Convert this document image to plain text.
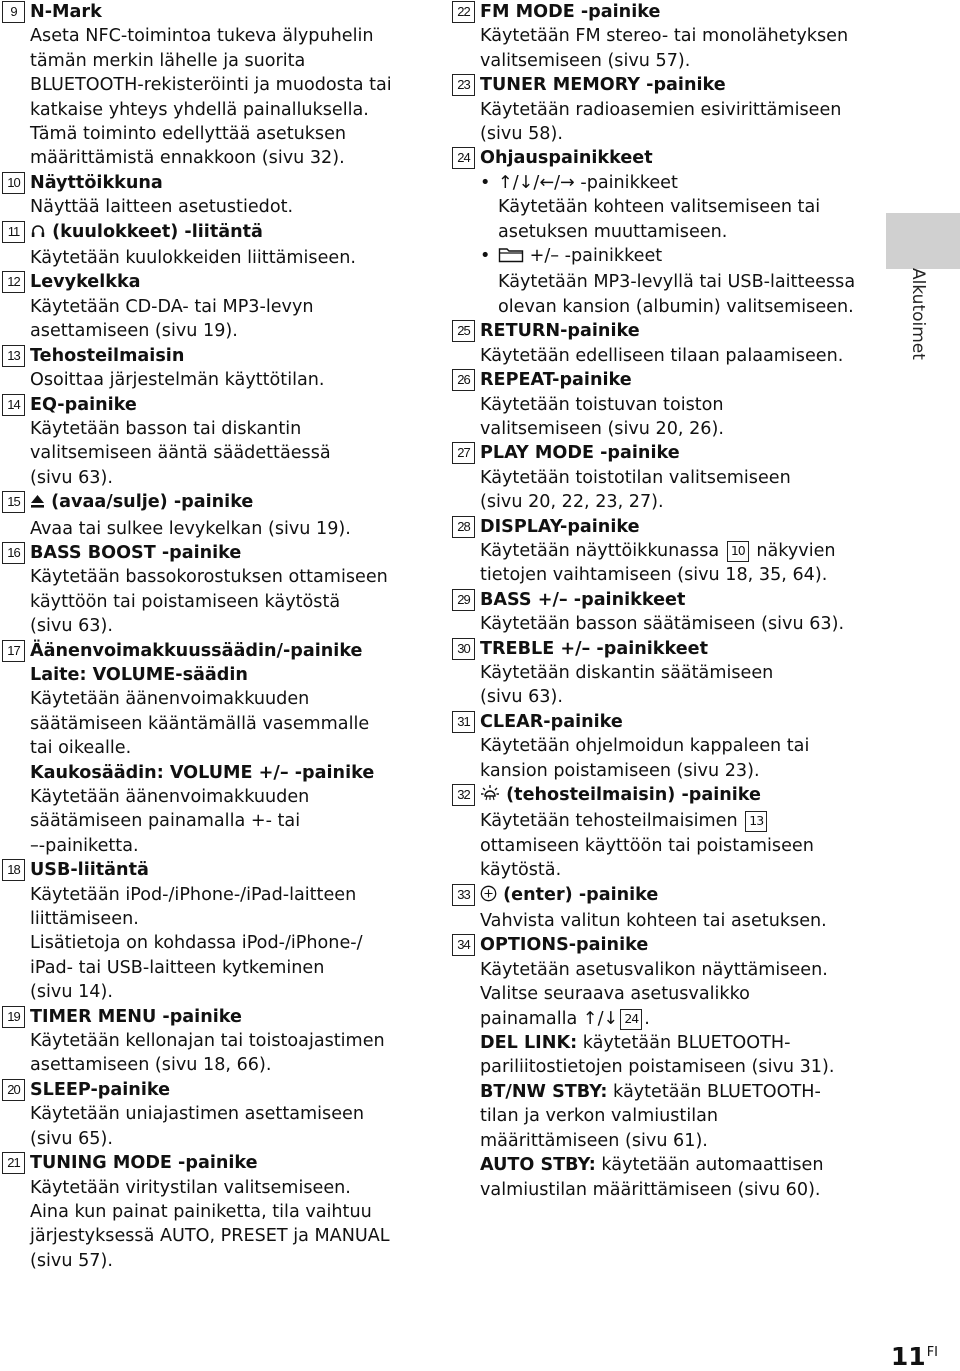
9 N-Mark
Aseta NFC-toimintoa tukeva älypuhelin
tämän merkin lähelle ja suorita
BLUETOOTH-rekisteröinti ja muodosta tai
katkaise yhteys yhdellä painalluksella.
Tämä toiminto edellyttää asetuksen
määrittämistä ennakkoon (sivu 32).
10 Näyttöikkuna
Näyttää laitteen asetustiedot.
11 (kuulokkeet) -liitäntä
Käytetään kuulokkeiden liittämiseen.
12 Levykelkka
Käytetään CD-DA- tai MP3-levyn
asettamiseen (sivu 19).
13 Tehosteilmaisin
Osoittaa järjestelmän käyttötilan.
14 EQ-painike
Käytetään basson tai diskantin
valitsemiseen ääntä säädettäessä
(sivu 63).
15 (avaa/sulje) -painike
Avaa tai sulkee levykelkan (sivu 19).
16 BASS BOOST -painike
Käytetään bassokorostuksen ottamiseen
käyttöön tai poistamiseen käytöstä
(sivu 63).
17 Äänenvoimakkuussäädin/-painike
Laite: VOLUME-säädin
Käytetään äänenvoimakkuuden
säätämiseen kääntämällä vasemmalle
tai oikealle.
Kaukosäädin: VOLUME +/– -painike
Käytetään äänenvoimakkuuden
säätämiseen painamalla +- tai
–-painiketta.
18 USB-liitäntä
Käytetään iPod-/iPhone-/iPad-laitteen
liittämiseen.
Lisätietoja on kohdassa iPod-/iPhone-/
iPad- tai USB-laitteen kytkeminen
(sivu 14).
19 TIMER MENU -painike
Käytetään kellonajan tai toistoajastimen
asettamiseen (sivu 18, 66).
20 SLEEP-painike
Käytetään uniajastimen asettamiseen
(sivu 65).
21 TUNING MODE -painike
Käytetään viritystilan valitsemiseen.
Aina kun painat painiketta, tila vaihtuu
järjestyksessä AUTO, PRESET ja MANUAL
(sivu 57).
22 FM MODE -painike
Käytetään FM stereo- tai monolähetyksen
valitsemiseen (sivu 57).
23 TUNER MEMORY -painike
Käytetään radioasemien esivirittämiseen
(sivu 58).
24 Ohjauspainikkeet
• ↑/↓/←/→ -painikkeet
Käytetään kohteen valitsemiseen tai
asetuksen muuttamiseen.
• +/– -painikkeet
Käytetään MP3-levyllä tai USB-laitteessa
olevan kansion (albumin) valitsemiseen.
25 RETURN-painike
Käytetään edelliseen tilaan palaamiseen.
26 REPEAT-painike
Käytetään toistuvan toiston
valitsemiseen (sivu 20, 26).
27 PLAY MODE -painike
Käytetään toistotilan valitsemiseen
(sivu 20, 22, 23, 27).
28 DISPLAY-painike
Käytetään näyttöikkunassa 10 näkyvien
tietojen vaihtamiseen (sivu 18, 35, 64).
29 BASS +/– -painikkeet
Käytetään basson säätämiseen (sivu 63).
30 TREBLE +/– -painikkeet
Käytetään diskantin säätämiseen
(sivu 63).
31 CLEAR-painike
Käytetään ohjelmoidun kappaleen tai
kansion poistamiseen (sivu 23).
32 (tehosteilmaisin) -painike
Käytetään tehosteilmaisimen 13
ottamiseen käyttöön tai poistamiseen
käytöstä.
33 (enter) -painike
Vahvista valitun kohteen tai asetuksen.
34 OPTIONS-painike
Käytetään asetusvalikon näyttämiseen.
Valitse seuraava asetusvalikko
painamalla ↑/↓ 24 .
DEL LINK: käytetään BLUETOOTH-
pariliitostietojen poistamiseen (sivu 31).
BT/NW STBY: käytetään BLUETOOTH-
tilan ja verkon valmiustilan
määrittämiseen (sivu 61).
AUTO STBY: käytetään automaattisen
valmiustilan määrittämiseen (sivu 60).
Alkutoimet
$11^{FI}$
